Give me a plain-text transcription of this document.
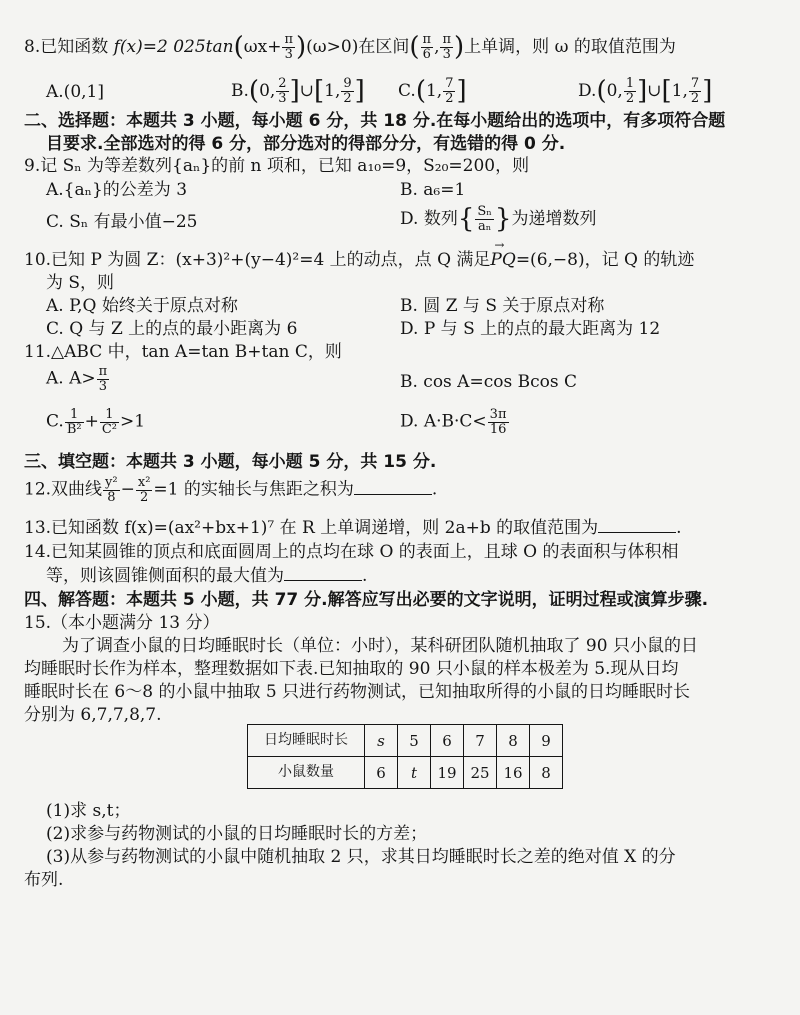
8.已知函数 f(x)=2 $025\tan(\omega x+ \frac{\pi}{3} )(\omega>0)$在区间( $\frac{\pi}{6}$ , $\frac{\pi}{3}$ )上单调，则 ω 的取值范围为
A.(0,1]	B.(0, $\frac{2}{3}$ ]∪[1, $\frac{9}{2}$ ] C.(1, $\frac{7}{2}$ ]	D.(0, $\frac{1}{2}$ ]∪[1, $\frac{7}{2}$ ]
二、选择题：本题共 3 小题，每小题 6 分，共 18 分.在每小题给出的选项中，有多项符合题
目要求.全部选对的得 6 分，部分选对的得部分分，有选错的得 0 分.
9.记 Sₙ 为等差数列{aₙ}的前 n 项和，已知 a₁₀=9，S₂₀=200，则
A.{aₙ}的公差为 3	B. a₆=1
C. Sₙ 有最小值−25	D. 数列{ $\frac{\text{Sₙ}}{\text{aₙ}}$ }为递增数列
10.已知 P 为圆 Z：(x+3)²+(y−4)²=4 上的动点，点 Q 满足→ PQ=(6,−8)，记 Q 的轨迹
为 S，则
A. P,Q 始终关于原点对称	B. 圆 Z 与 S 关于原点对称
C. Q 与 Z 上的点的最小距离为 6	D. P 与 S 上的点的最大距离为 12
11.△ABC 中，tan A=tan B+tan C，则
A. $A> \frac{\pi}{3}$	B. cos A=cos Bcos C
C. $\frac{1}{\text{B²}} + \frac{1}{\text{C²}} >1$	D. $A\cdot B\cdot C< \frac{3\pi}{16}$
三、填空题：本题共 3 小题，每小题 5 分，共 15 分.
12.双曲线 $\frac{\text{y²}}{8} - \frac{\text{x²}}{2} =1$ 的实轴长与焦距之积为	.
13.已知函数 f(x)=(ax²+bx+1)⁷ 在 R 上单调递增，则 2a+b 的取值范围为	.
14.已知某圆锥的顶点和底面圆周上的点均在球 O 的表面上，且球 O 的表面积与体积相
等，则该圆锥侧面积的最大值为	.
四、解答题：本题共 5 小题，共 77 分.解答应写出必要的文字说明，证明过程或演算步骤.
15.（本小题满分 13 分）
为了调查小鼠的日均睡眠时长（单位：小时），某科研团队随机抽取了 90 只小鼠的日
均睡眠时长作为样本，整理数据如下表.已知抽取的 90 只小鼠的样本极差为 5.现从日均
睡眠时长在 6～8 的小鼠中抽取 5 只进行药物测试，已知抽取所得的小鼠的日均睡眠时长
分别为 6,7,7,8,7.
日均睡眠时长	s	5	6	7	8	9
小鼠数量	6	t	19	25	16	8
(1)求 s,t；
(2)求参与药物测试的小鼠的日均睡眠时长的方差；
(3)从参与药物测试的小鼠中随机抽取 2 只，求其日均睡眠时长之差的绝对值 X 的分
布列.
